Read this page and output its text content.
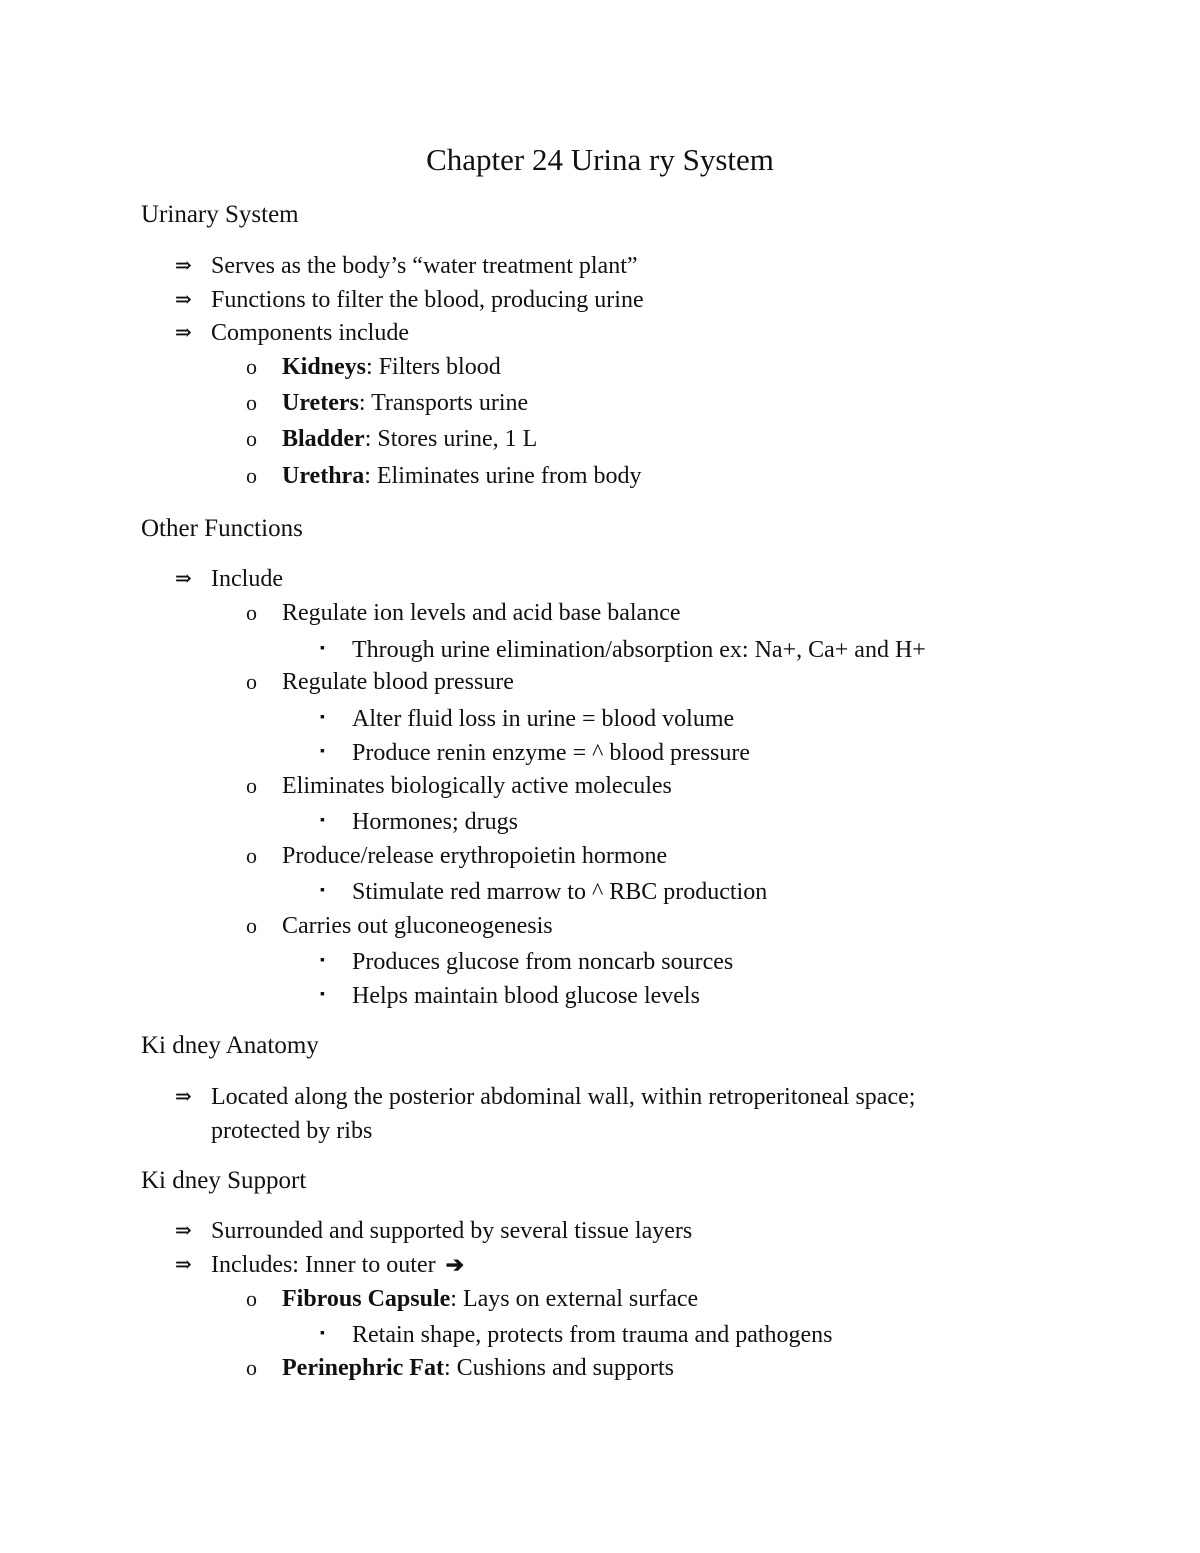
Chapter 24 Urina ry System
Urinary System
⇒ Serves as the body’s “water treatment plant”
⇒ Functions to filter the blood, producing urine
⇒ Components include
o Kidneys: Filters blood
o Ureters: Transports urine
o Bladder: Stores urine, 1 L
o Urethra: Eliminates urine from body
Other Functions
⇒ Include
o Regulate ion levels and acid base balance
▪ Through urine elimination/absorption ex: Na+, Ca+ and H+
o Regulate blood pressure
▪ Alter fluid loss in urine = blood volume
▪ Produce renin enzyme = ^ blood pressure
o Eliminates biologically active molecules
▪ Hormones; drugs
o Produce/release erythropoietin hormone
▪ Stimulate red marrow to ^ RBC production
o Carries out gluconeogenesis
▪ Produces glucose from noncarb sources
▪ Helps maintain blood glucose levels
Ki dney Anatomy
⇒ Located along the posterior abdominal wall, within retroperitoneal space;
protected by ribs
Ki dney Support
⇒ Surrounded and supported by several tissue layers
⇒ Includes: Inner to outer ➔
o Fibrous Capsule: Lays on external surface
▪ Retain shape, protects from trauma and pathogens
o Perinephric Fat: Cushions and supports
